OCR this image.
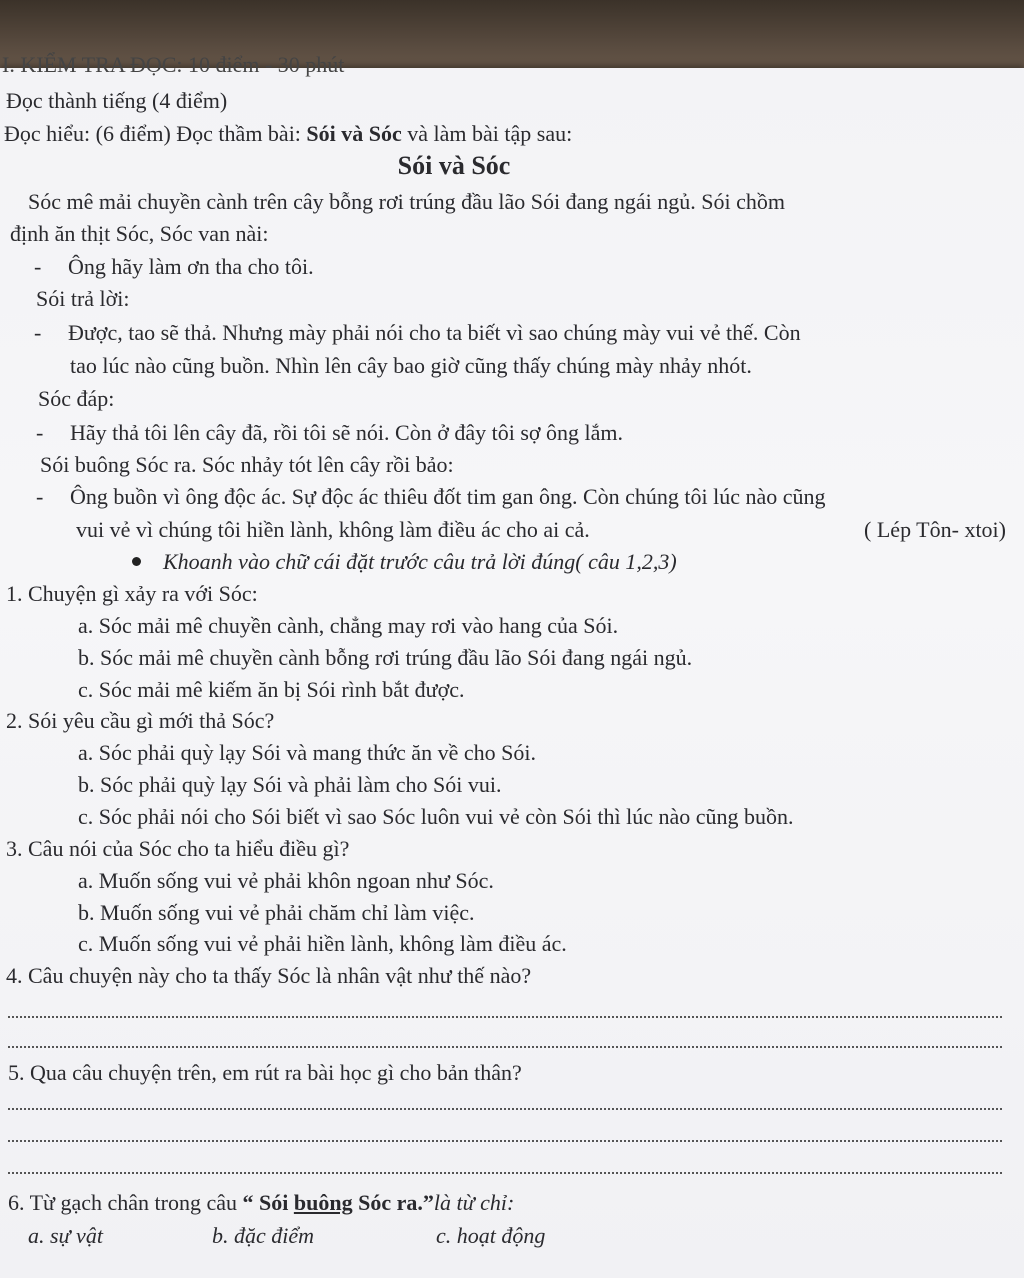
I. KIỂM TRA ĐỌC: 10 điểm - 30 phút
Đọc thành tiếng (4 điểm)
Đọc hiểu: (6 điểm) Đọc thầm bài: Sói và Sóc và làm bài tập sau:
Sói và Sóc
Sóc mê mải chuyền cành trên cây bỗng rơi trúng đầu lão Sói đang ngái ngủ. Sói chồm
định ăn thịt Sóc, Sóc van nài:
- Ông hãy làm ơn tha cho tôi.
Sói trả lời:
- Được, tao sẽ thả. Nhưng mày phải nói cho ta biết vì sao chúng mày vui vẻ thế. Còn
tao lúc nào cũng buồn. Nhìn lên cây bao giờ cũng thấy chúng mày nhảy nhót.
Sóc đáp:
- Hãy thả tôi lên cây đã, rồi tôi sẽ nói. Còn ở đây tôi sợ ông lắm.
Sói buông Sóc ra. Sóc nhảy tót lên cây rồi bảo:
- Ông buồn vì ông độc ác. Sự độc ác thiêu đốt tim gan ông. Còn chúng tôi lúc nào cũng
vui vẻ vì chúng tôi hiền lành, không làm điều ác cho ai cả.	( Lép Tôn- xtoi)
Khoanh vào chữ cái đặt trước câu trả lời đúng( câu 1,2,3)
1. Chuyện gì xảy ra với Sóc:
a. Sóc mải mê chuyền cành, chẳng may rơi vào hang của Sói.
b. Sóc mải mê chuyền cành bỗng rơi trúng đầu lão Sói đang ngái ngủ.
c. Sóc mải mê kiếm ăn bị Sói rình bắt được.
2. Sói yêu cầu gì mới thả Sóc?
a. Sóc phải quỳ lạy Sói và mang thức ăn về cho Sói.
b. Sóc phải quỳ lạy Sói và phải làm cho Sói vui.
c. Sóc phải nói cho Sói biết vì sao Sóc luôn vui vẻ còn Sói thì lúc nào cũng buồn.
3. Câu nói của Sóc cho ta hiểu điều gì?
a. Muốn sống vui vẻ phải khôn ngoan như Sóc.
b. Muốn sống vui vẻ phải chăm chỉ làm việc.
c. Muốn sống vui vẻ phải hiền lành, không làm điều ác.
4. Câu chuyện này cho ta thấy Sóc là nhân vật như thế nào?
5. Qua câu chuyện trên, em rút ra bài học gì cho bản thân?
6. Từ gạch chân trong câu “ Sói buông Sóc ra.”là từ chỉ:
a. sự vật	b. đặc điểm	c. hoạt động
